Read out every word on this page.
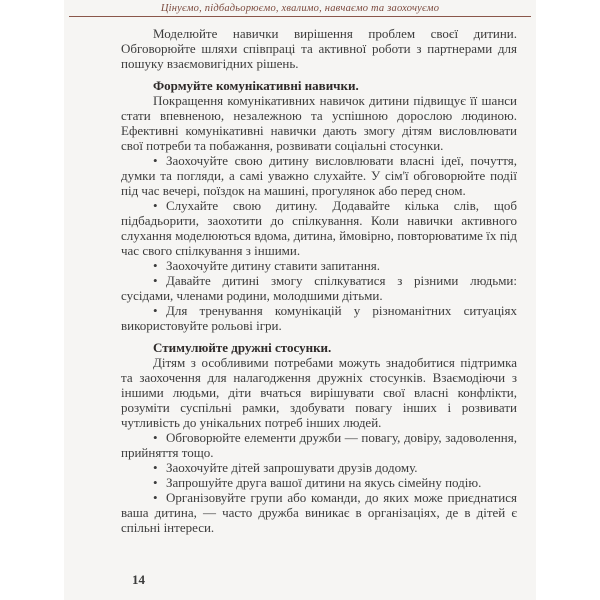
Цінуємо, підбадьорюємо, хвалимо, навчаємо та заохочуємо

Моделюйте навички вирішення проблем своєї дитини. Обговорюйте шляхи співпраці та активної роботи з партнерами для пошуку взаємовигідних рішень.

Формуйте комунікативні навички.

Покращення комунікативних навичок дитини підвищує її шанси стати впевненою, незалежною та успішною дорослою людиною. Ефективні комунікативні навички дають змогу дітям висловлювати свої потреби та побажання, розвивати соціальні стосунки.

• Заохочуйте свою дитину висловлювати власні ідеї, почуття, думки та погляди, а самі уважно слухайте. У сім'ї обговорюйте події під час вечері, поїздок на машині, прогулянок або перед сном.

• Слухайте свою дитину. Додавайте кілька слів, щоб підбадьорити, заохотити до спілкування. Коли навички активного слухання моделюються вдома, дитина, ймовірно, повторюватиме їх під час свого спілкування з іншими.

• Заохочуйте дитину ставити запитання.

• Давайте дитині змогу спілкуватися з різними людьми: сусідами, членами родини, молодшими дітьми.

• Для тренування комунікацій у різноманітних ситуаціях використовуйте рольові ігри.

Стимулюйте дружні стосунки.

Дітям з особливими потребами можуть знадобитися підтримка та заохочення для налагодження дружніх стосунків. Взаємодіючи з іншими людьми, діти вчаться вирішувати свої власні конфлікти, розуміти суспільні рамки, здобувати повагу інших і розвивати чутливість до унікальних потреб інших людей.

• Обговорюйте елементи дружби — повагу, довіру, задоволення, прийняття тощо.

• Заохочуйте дітей запрошувати друзів додому.

• Запрошуйте друга вашої дитини на якусь сімейну подію.

• Організовуйте групи або команди, до яких може приєднатися ваша дитина, — часто дружба виникає в організаціях, де в дітей є спільні інтереси.

14
